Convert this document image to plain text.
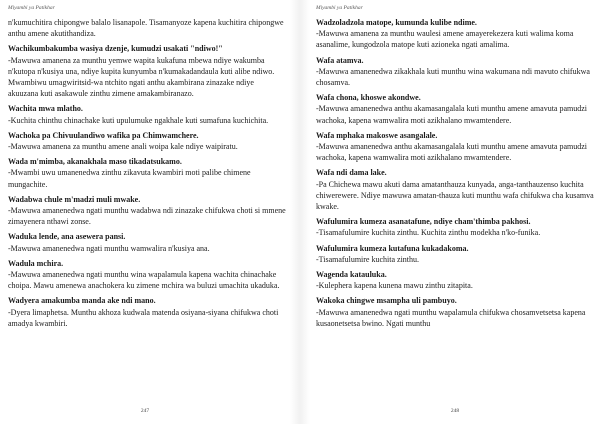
Miyambi ya Patikhar
n'kumuchitira chipongwe balalo lisanapole. Tisamanyoze kapena kuchitira chipongwe anthu amene akutithandiza.
Wachikumbakumba wasiya dzenje, kumudzi usakati "ndiwo!"
-Mawuwa amanena za munthu yemwe wapita kukafuna mbewa ndiye wakumba n'kutopa n'kusiya una, ndiye kupita kunyumba n'kumakadandaula kuti alibe ndiwo. Mwambiwu umagwiritsid-wa ntchito ngati anthu akambirana zinazake ndiye akuuzana kuti asakawule zinthu zimene amakambiranazo.
Wachita mwa mlatho.
-Kuchita chinthu chinachake kuti upulumuke ngakhale kuti sumafuna kuchichita.
Wachoka pa Chivuulandiwo wafika pa Chimwamchere.
-Mawuwa amanena za munthu amene anali woipa kale ndiye waipiratu.
Wada m'mimba, akanakhala maso tikadatsukamo.
-Mwambi uwu umanenedwa zinthu zikavuta kwambiri moti palibe chimene mungachite.
Wadabwa chule m'madzi muli mwake.
-Mawuwa amanenedwa ngati munthu wadabwa ndi zinazake chifukwa choti si mmene zimayenera nthawi zonse.
Waduka lende, ana asewera pansi.
-Mawuwa amanenedwa ngati munthu wamwalira n'kusiya ana.
Wadula mchira.
-Mawuwa amanenedwa ngati munthu wina wapalamula kapena wachita chinachake choipa. Mawu amenewa anachokera ku zimene mchira wa buluzi umachita ukaduka.
Wadyera amakumba manda ake ndi mano.
-Dyera limaphetsa. Munthu akhoza kudwala matenda osiyana-siyana chifukwa choti amadya kwambiri.
247
Miyambi ya Patikhar
Wadzoladzola matope, kumunda kulibe ndime.
-Mawuwa amanena za munthu waulesi amene amayerekezera kuti walima koma asanalime, kungodzola matope kuti azioneka ngati amalima.
Wafa atamva.
-Mawuwa amanenedwa zikakhala kuti munthu wina wakumana ndi mavuto chifukwa chosamva.
Wafa chona, khoswe akondwe.
-Mawuwa amanenedwa anthu akamasangalala kuti munthu amene amavuta pamudzi wachoka, kapena wamwalira moti azikhalano mwamtendere.
Wafa mphaka makoswe asangalale.
-Mawuwa amanenedwa anthu akamasangalala kuti munthu amene amavuta pamudzi wachoka, kapena wamwalira moti azikhalano mwamtendere.
Wafa ndi dama lake.
-Pa Chichewa mawu akuti dama amatanthauza kunyada, anga-tanthauzenso kuchita chiwerewere. Ndiye mawuwa amatan-thauza kuti munthu wafa chifukwa cha kusamva kwake.
Wafulumira kumeza asanatafune, ndiye cham'thimba pakhosi.
-Tisamafulumire kuchita zinthu. Kuchita zinthu modekha n'ko-funika.
Wafulumira kumeza kutafuna kukadakoma.
-Tisamafulumire kuchita zinthu.
Wagenda katauluka.
-Kulephera kapena kunena mawu zinthu zitapita.
Wakoka chingwe msampha uli pambuyo.
-Mawuwa amanenedwa ngati munthu wapalamula chifukwa chosamvetsetsa kapena kusaonetsetsa bwino. Ngati munthu
248
